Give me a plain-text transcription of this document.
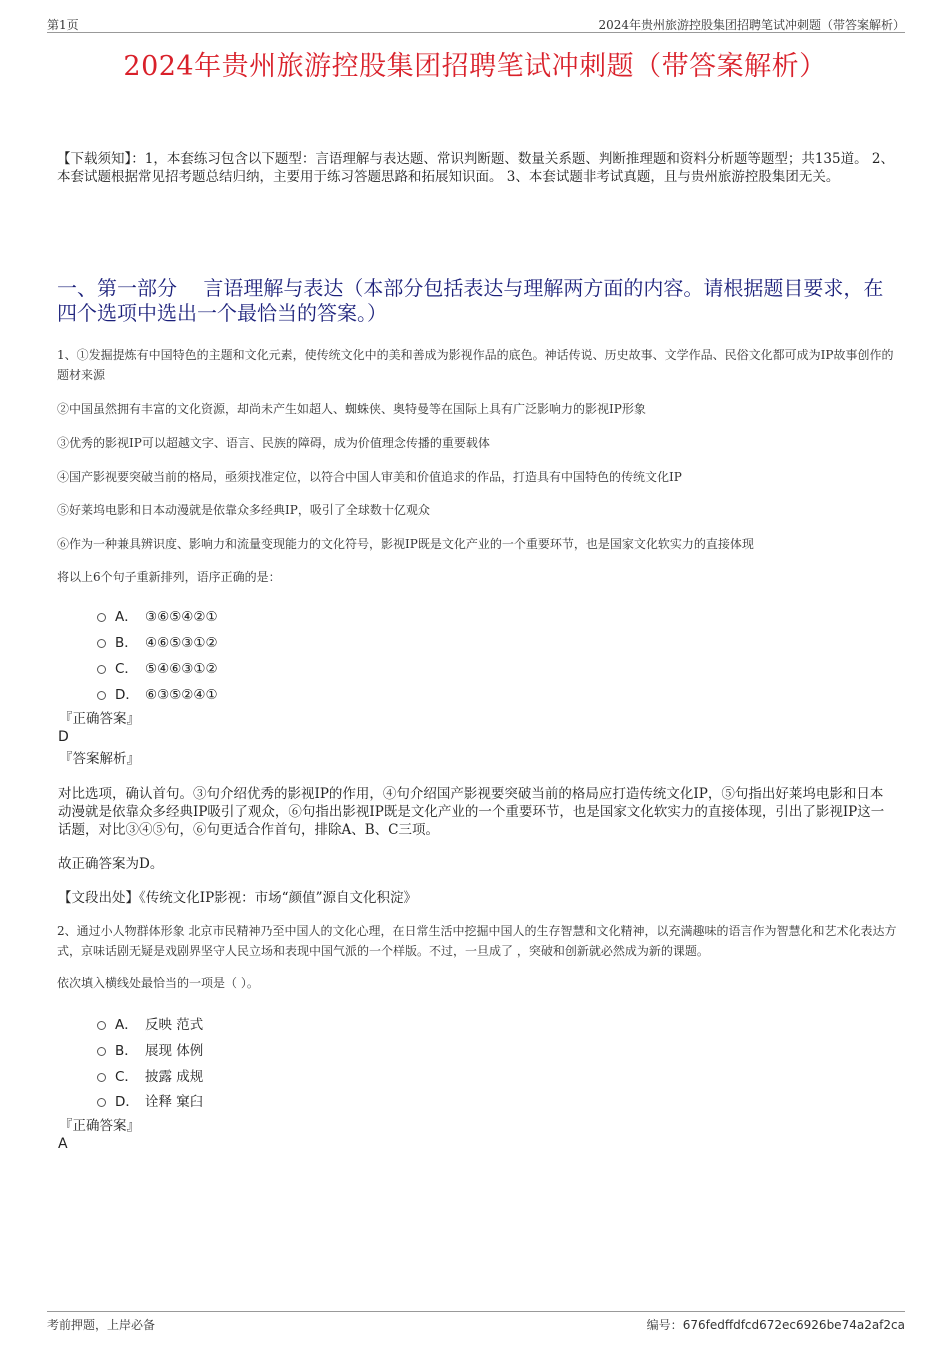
第1页	2024年贵州旅游控股集团招聘笔试冲刺题（带答案解析）
2024年贵州旅游控股集团招聘笔试冲刺题（带答案解析）
【下载须知】：1，本套练习包含以下题型：言语理解与表达题、常识判断题、数量关系题、判断推理题和资料分析题等题型；共135道。 2、本套试题根据常见招考题总结归纳，主要用于练习答题思路和拓展知识面。 3、本套试题非考试真题，且与贵州旅游控股集团无关。
一、第一部分　 言语理解与表达（本部分包括表达与理解两方面的内容。请根据题目要求，在四个选项中选出一个最恰当的答案。）
1、①发掘提炼有中国特色的主题和文化元素，使传统文化中的美和善成为影视作品的底色。神话传说、历史故事、文学作品、民俗文化都可成为IP故事创作的题材来源
②中国虽然拥有丰富的文化资源，却尚未产生如超人、蜘蛛侠、奥特曼等在国际上具有广泛影响力的影视IP形象
③优秀的影视IP可以超越文字、语言、民族的障碍，成为价值理念传播的重要载体
④国产影视要突破当前的格局，亟须找准定位，以符合中国人审美和价值追求的作品，打造具有中国特色的传统文化IP
⑤好莱坞电影和日本动漫就是依靠众多经典IP，吸引了全球数十亿观众
⑥作为一种兼具辨识度、影响力和流量变现能力的文化符号，影视IP既是文化产业的一个重要环节，也是国家文化软实力的直接体现
将以上6个句子重新排列，语序正确的是：
A． ③⑥⑤④②①
B． ④⑥⑤③①②
C． ⑤④⑥③①②
D． ⑥③⑤②④①
『正确答案』
D
『答案解析』
对比选项，确认首句。③句介绍优秀的影视IP的作用，④句介绍国产影视要突破当前的格局应打造传统文化IP，⑤句指出好莱坞电影和日本动漫就是依靠众多经典IP吸引了观众，⑥句指出影视IP既是文化产业的一个重要环节，也是国家文化软实力的直接体现，引出了影视IP这一话题，对比③④⑤句，⑥句更适合作首句，排除A、B、C三项。
故正确答案为D。
【文段出处】《传统文化IP影视：市场“颜值”源自文化积淀》
2、通过小人物群体形象 北京市民精神乃至中国人的文化心理，在日常生活中挖掘中国人的生存智慧和文化精神，以充满趣味的语言作为智慧化和艺术化表达方式，京味话剧无疑是戏剧界坚守人民立场和表现中国气派的一个样版。不过，一旦成了 ，突破和创新就必然成为新的课题。
依次填入横线处最恰当的一项是（ ）。
A． 反映 范式
B． 展现 体例
C． 披露 成规
D． 诠释 窠臼
『正确答案』
A
考前押题，上岸必备	编号：676fedffdfcd672ec6926be74a2af2ca
